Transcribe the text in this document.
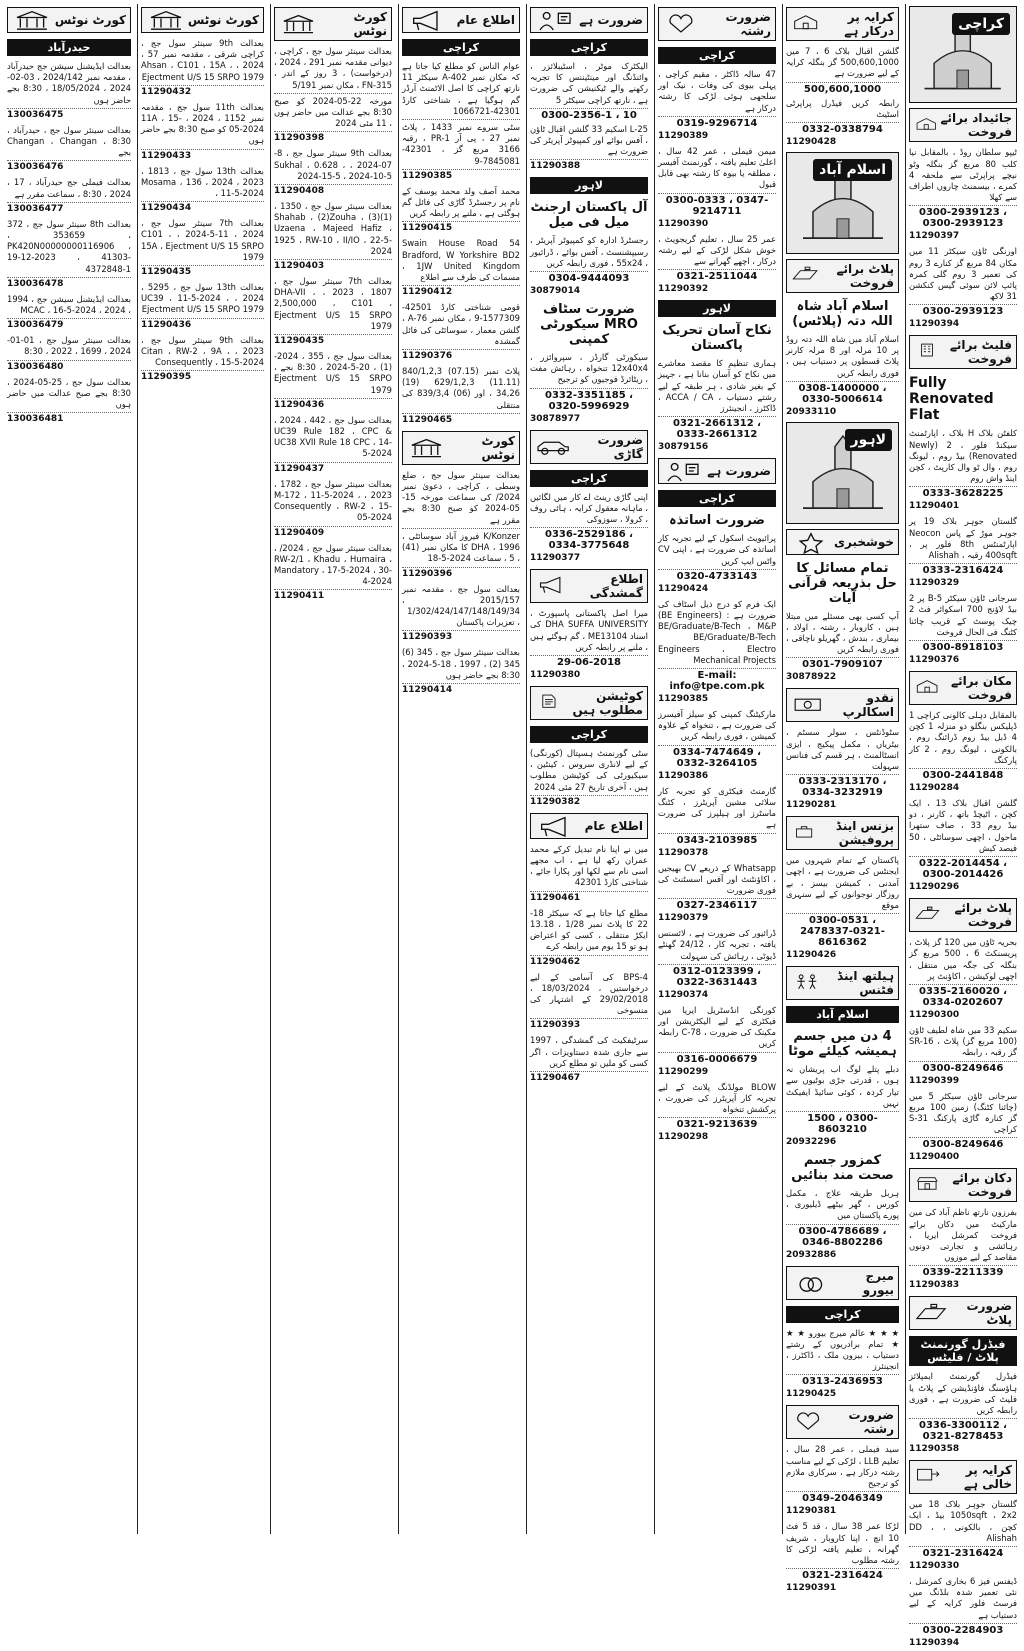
کراچی
جائیداد برائے فروخت
ٹیپو سلطان روڈ ، بالمقابل نیا کلب 80 مربع گز بنگلہ وٹو نیچے پراپرٹی سے ملحقہ 4 کمرے ، بیسمنٹ چاروں اطراف سے کھلا
0300-2939123 ، 0300-2939123
11290397
اورنگی ٹاؤن سیکٹر 11 میں مکان 84 مربع گز کنارے 3 روم کی تعمیر 3 روم گلی کمرہ پائپ لائن سوئی گیس کنکشن 31 لاکھ
0300-2939123
11290394
فلیٹ برائے فروخت
Fully Renovated Flat
کلفٹن بلاک H بلاک ، اپارٹمنٹ سیکنڈ فلور ، 2 (Newly Renovated) بیڈ روم ، لیونگ روم ، وال ٹو وال کارپٹ ، کچن اینڈ واش روم
0333-3628225
11290401
گلستان جوہر بلاک 19 پر جوہر موڑ کے پاس Neocon اپارٹمنٹس 8th فلور پر ، 400sqft رقبہ ، Alishah
0333-2316424
11290329
سرجانی ٹاؤن سیکٹر 5-B پر 2 بیڈ لاؤنج 700 اسکوائر فٹ 2 چیک پوسٹ کے قریب چائنا کٹنگ فی الحال فروخت
0300-8918103
11290376
مکان برائے فروخت
بالمقابل دہلی کالونی کراچی 1 ڈپلیکس بنگلو دو منزلہ 1 کچن 4 ڈبل بیڈ روم ڈرائنگ روم ، بالکونی ، لیونگ روم ، 2 کار پارکنگ
0300-2441848
11290284
گلشن اقبال بلاک 13 ، ایک کچن ، اٹیچڈ باتھ ، کارنر ، دو بیڈ روم 33 ، صاف ستھرا ماحول ، اچھی سوسائٹی ، 50 فیصد کیش
0322-2014454 ، 0300-2014426
11290296
پلاٹ برائے فروخت
بحریہ ٹاؤن میں 120 گز پلاٹ ، پریسنکٹ 6 ، 500 مربع گز بنگلہ کی جگہ میں منتقل ، اچھی لوکیشن ، اکاؤنٹ پر
0335-2160020 ، 0334-0202607
11290300
سکیم 33 میں شاہ لطیف ٹاؤن (100 مربع گز) پلاٹ ، SR-16 گز رقبہ ، رابطہ
0300-8249646
11290399
سرجانی ٹاؤن سیکٹر 5 میں (چائنا کٹنگ) زمین 100 مربع گز کنارہ گاڑی پارکنگ S-31 کراچی
0300-8249646
11290400
دکان برائے فروخت
بفرزون نارتھ ناظم آباد کی مین مارکیٹ میں دکان برائے فروخت کمرشل ایریا ، رہائشی و تجارتی دونوں مقاصد کے لیے موزوں
0339-2211339
11290383
ضرورت پلاٹ
فیڈرل گورنمنٹ پلاٹ / فلیٹس
فیڈرل گورنمنٹ ایمپلائز ہاؤسنگ فاؤنڈیشن کے پلاٹ یا فلیٹ کی ضرورت ہے ، فوری رابطہ کریں
0336-3300112 ، 0321-8278453
11290358
کرایہ پر خالی ہے
گلستان جوہر بلاک 18 میں 1050sqft ، 2x2 بیڈ ، ایک کچن ، بالکونی ، DD ، Alishah
0321-2316424
11290330
ڈیفنس فیز 6 بخاری کمرشل ، نئی تعمیر شدہ بلڈنگ میں فرسٹ فلور کرایہ کے لیے دستیاب ہے
0300-2284903
11290394
کرایہ پر درکار ہے
گلشن اقبال بلاک 6 ، 7 میں 500,600,1000 گز بنگلہ کرایہ کے لیے ضرورت ہے
500,600,1000
رابطہ کریں فیڈرل پراپرٹی اسٹیٹ
0332-0338794
11290428
اسلام آباد
پلاٹ برائے فروخت
اسلام آباد شاہ اللہ دتہ (پلاٹس)
اسلام آباد میں شاہ اللہ دتہ روڈ پر 10 مرلہ اور 8 مرلہ کارنر پلاٹ قسطوں پر دستیاب ہیں ، فوری رابطہ کریں
0308-1400000 ، 0330-5006614
20933110
لاہور
خوشخبری
تمام مسائل کا حل بذریعہ قرآنی آیات
آپ کسی بھی مسئلے میں مبتلا ہیں ، کاروبار ، رشتہ ، اولاد ، بیماری ، بندش ، گھریلو ناچاقی ، فوری رابطہ کریں
0301-7909107
30878922
نقدو اسکالرپ
سٹوڈنٹس ، سولر سسٹم ، بیٹریاں ، مکمل پیکیج ، ایزی انسٹالمنٹ ، ہر قسم کی فنانس سہولت
0333-2313170 ، 0334-3232919
11290281
بزنس اینڈ پروفیشن
پاکستان کے تمام شہروں میں ایجنٹس کی ضرورت ہے ، اچھی آمدنی ، کمیشن بیسز ، بے روزگار نوجوانوں کے لیے سنہری موقع
0300-0531 ، 2478337-0321-8616362
11290426
ہیلتھ اینڈ فٹنس
اسلام آباد
4 دن میں جسم ہمیشہ کیلئے موٹا
دبلے پتلے لوگ اب پریشان نہ ہوں ، قدرتی جڑی بوٹیوں سے تیار کردہ ، کوئی سائیڈ ایفیکٹ نہیں
1500 ، 0300-8603210
20932296
کمزور جسم صحت مند بنائیں
ہربل طریقہ علاج ، مکمل کورس ، گھر بیٹھے ڈیلیوری ، پورے پاکستان میں
0300-4786689 ، 0346-8802286
20932886
میرج بیورو
کراچی
★ ★ ★ عالم میرج بیورو ★ ★ ★ تمام برادریوں کے رشتے دستیاب ، بیرون ملک ، ڈاکٹرز ، انجینئرز
0313-2436953
11290425
ضرورت رشتہ
سید فیملی ، عمر 28 سال ، تعلیم LLB ، لڑکی کے لیے مناسب رشتہ درکار ہے ، سرکاری ملازم کو ترجیح
0349-2046349
11290381
لڑکا عمر 38 سال ، قد 5 فٹ 10 انچ ، اپنا کاروبار ، شریف گھرانہ ، تعلیم یافتہ لڑکی کا رشتہ مطلوب
0321-2316424
11290391
ضرورت رشتہ
کراچی
47 سالہ ڈاکٹر ، مقیم کراچی ، پہلی بیوی کی وفات ، نیک اور سلجھی ہوئی لڑکی کا رشتہ درکار ہے
0319-9296714
11290389
میمن فیملی ، عمر 42 سال ، اعلیٰ تعلیم یافتہ ، گورنمنٹ آفیسر ، مطلقہ یا بیوہ کا رشتہ بھی قابل قبول
0300-0333 ، 0347-9214711
11290390
عمر 25 سال ، تعلیم گریجویٹ ، خوش شکل لڑکی کے لیے رشتہ درکار ، اچھے گھرانے سے
0321-2511044
11290392
لاہور
نکاح آسان تحریک پاکستان
ہماری تنظیم کا مقصد معاشرے میں نکاح کو آسان بنانا ہے ، جہیز کے بغیر شادی ، ہر طبقہ کے لیے رشتے دستیاب ، ACCA / CA ، ڈاکٹرز ، انجینئرز
0321-2661312 ، 0333-2661312
30879156
ضرورت ہے
کراچی
ضرورت اساتذہ
پرائیویٹ اسکول کے لیے تجربہ کار اساتذہ کی ضرورت ہے ، اپنی CV واٹس ایپ کریں
0320-4733143
11290424
ایک فرم کو درج ذیل اسٹاف کی ضرورت ہے : (BE Engineers) BE/Graduate/B-Tech ، M&P BE/Graduate/B-Tech Engineers ، Electro Mechanical Projects
E-mail: info@tpe.com.pk
11290385
مارکیٹنگ کمپنی کو سیلز آفیسرز کی ضرورت ہے ، تنخواہ کے علاوہ کمیشن ، فوری رابطہ کریں
0334-7474649 ، 0332-3264105
11290386
گارمنٹ فیکٹری کو تجربہ کار سلائی مشین آپریٹرز ، کٹنگ ماسٹرز اور ہیلپرز کی ضرورت ہے
0343-2103985
11290378
Whatsapp کے ذریعے CV بھیجیں ، اکاؤنٹنٹ اور آفس اسسٹنٹ کی فوری ضرورت
0327-2346117
11290379
ڈرائیور کی ضرورت ہے ، لائسنس یافتہ ، تجربہ کار ، 24/12 گھنٹے ڈیوٹی ، رہائش کی سہولت
0312-0123399 ، 0322-3631443
11290374
کورنگی انڈسٹریل ایریا میں فیکٹری کے لیے الیکٹریشن اور مکینک کی ضرورت ، C-78 رابطہ کریں
0316-0006679
11290299
BLOW مولڈنگ پلانٹ کے لیے تجربہ کار آپریٹرز کی ضرورت ، پرکشش تنخواہ
0321-9213639
11290298
ضرورت ہے
کراچی
الیکٹرک موٹر ، اسٹیبلائزر ، وائنڈنگ اور مینٹیننس کا تجربہ رکھنے والے ٹیکنیشن کی ضرورت ہے ، نارتھ کراچی سیکٹر 5
0300-2356-1 ، 10
L-25 اسکیم 33 گلشن اقبال ٹاؤن ، آفس بوائے اور کمپیوٹر آپریٹر کی ضرورت ہے
11290388
لاہور
آل پاکستان ارجنٹ میل فی میل
رجسٹرڈ ادارہ کو کمپیوٹر آپریٹر ، رسیپشنسٹ ، آفس بوائے ، ڈرائیور ، 55x24 ، فوری رابطہ کریں
0304-9444093
30879014
ضرورت سٹاف MRO سیکورٹی کمپنی
سیکورٹی گارڈز ، سپروائزر ، 12x40x4 تنخواہ ، رہائش مفت ، ریٹائرڈ فوجیوں کو ترجیح
0332-3351185 ، 0320-5996929
30878977
ضرورت گاڑی
کراچی
اپنی گاڑی رینٹ اے کار میں لگائیں ، ماہانہ معقول کرایہ ، ہائی روف ، کرولا ، سوزوکی
0336-2529186 ، 0334-3775648
11290377
اطلاع گمشدگی
میرا اصل پاکستانی پاسپورٹ ، DHA SUFFA UNIVERSITY کی اسناد ME13104 ، گم ہوگئے ہیں ، ملنے پر رابطہ کریں
29-06-2018
11290380
کوٹیشن مطلوب ہیں
کراچی
سٹی گورنمنٹ ہسپتال (کورنگی) کے لیے لانڈری سروس ، کینٹین ، سیکیورٹی کی کوٹیشن مطلوب ہیں ، آخری تاریخ 27 مئی 2024
11290382
اطلاع عام
میں نے اپنا نام تبدیل کرکے محمد عمران رکھ لیا ہے ، اب مجھے اسی نام سے لکھا اور پکارا جائے ، شناختی کارڈ 42301
11290461
مطلع کیا جاتا ہے کہ سیکٹر 18-22 کا پلاٹ نمبر 1/28 ، 13.18 ایکڑ منتقلی ، کسی کو اعتراض ہو تو 15 یوم میں رابطہ کرے
11290462
BPS-4 کی آسامی کے لیے درخواستیں ، 18/03/2024 ، 29/02/2018 کے اشتہار کی منسوخی
11290393
سرٹیفکیٹ کی گمشدگی ، 1997 سے جاری شدہ دستاویزات ، اگر کسی کو ملیں تو مطلع کریں
11290467
اطلاع عام
کراچی
عوام الناس کو مطلع کیا جاتا ہے کہ مکان نمبر A-402 سیکٹر 11 نارتھ کراچی کا اصل الاٹمنٹ آرڈر گم ہوگیا ہے ، شناختی کارڈ 42301-1066721
سٹی سروے نمبر 1433 ، پلاٹ نمبر 27 ، پی آر PR-1 ، رقبہ 3166 مربع گز ، 42301-7845081-9
11290385
محمد آصف ولد محمد یوسف کے نام پر رجسٹرڈ گاڑی کی فائل گم ہوگئی ہے ، ملنے پر رابطہ کریں
11290415
54 Swain House Road Bradford, W Yorkshire BD2 1JW United Kingdom ، مسمات کی طرف سے اطلاع
11290412
قومی شناختی کارڈ 42501-1577309-9 ، مکان نمبر A-76 ، گلشن معمار ، سوسائٹی کی فائل گمشدہ
11290376
پلاٹ نمبر (07.15) 840/1,2,3 (11.11) 629/1,2,3 (19) 34,26 ، اور (06) 839/3,4 کی منتقلی
11290465
کورٹ نوٹس
بعدالت سینئر سول جج ، ضلع وسطی ، کراچی ، دعویٰ نمبر 2024/ کی سماعت مورخہ 15-05-2024 کو صبح 8:30 بجے مقرر ہے
K/Konzer فیروز آباد سوسائٹی ، DHA ، 1996 کا مکان نمبر (41) ، 5 ، سماعت 2024-5-18
11290396
بعدالت سول جج ، مقدمہ نمبر 2015/157 ، 1/302/424/147/148/149/34 ، تعزیرات پاکستان
11290393
بعدالت سینئر سول جج ، 345 (6) 345 (2) ، 1997 ، 18-5-2024 ، 8:30 بجے حاضر ہوں
11290414
کورٹ نوٹس
بعدالت سینئر سول جج ، کراچی ، دیوانی مقدمہ نمبر 291 ، 2024 ، (درخواست) ، 3 روز کے اندر ، FN-315 ، مکان نمبر 5/191
مورخہ 22-05-2024 کو صبح 8:30 بجے عدالت میں حاضر ہوں ، 11 مئی 2024
11290398
بعدالت 9th سینئر سول جج ، 8-07-2024 ، Sukhal ، 0.628 ، 2024-15-5 ، 2024-10-5
11290408
بعدالت سینئر سول جج ، 1350 ، (1)Shahab ، (2)Zouha ، (3) Uzaena ، Majeed Hafiz ، 1925 ، RW-10 ، II/IO ، 22-5-2024
11290403
بعدالت 7th سینئر سول جج ، 1807 ، 2023 ، DHA-VII ، 2,500,000 ، C101 ، Ejectment U/S 15 SRPO 1979
11290435
بعدالت سول جج ، 355 ، 2024-(1) ، 20-5-2024 ، 8:30 بجے ، Ejectment U/S 15 SRPO 1979
11290436
بعدالت سول جج ، 442 ، 2024 ، UC39 Rule 182 ، CPC & UC38 XVII Rule 18 CPC ، 14-5-2024
11290437
بعدالت سینئر سول جج ، 1782 ، 2023 ، M-172 ، 11-5-2024 ، Consequently ، RW-2 ، 15-05-2024
11290409
بعدالت سینئر سول جج ، 2024/ ، RW-2/1 ، Khadu ، Humaira ، Mandatory ، 17-5-2024 ، 30-4-2024
11290411
کورٹ نوٹس
بعدالت 9th سینئر سول جج ، کراچی شرقی ، مقدمہ نمبر 57 ، 2024 ، Ahsan ، C101 ، 15A ، Ejectment U/S 15 SRPO 1979
11290432
بعدالت 11th سول جج ، مقدمہ نمبر 1152 ، 2024 ، 11A ، 15-05-2024 کو صبح 8:30 بجے حاضر ہوں
11290433
بعدالت 13th سول جج ، 1813 ، 2023 ، Mosama ، 136 ، 2024 ، 11-5-2024
11290434
بعدالت 7th سینئر سول جج ، 2024 ، 11-5-2024 ، C101 ، 15A ، Ejectment U/S 15 SRPO 1979
11290435
بعدالت 13th سول جج ، 5295 ، 2024 ، UC39 ، 11-5-2024 ، Ejectment U/S 15 SRPO 1979
11290436
بعدالت 9th سینئر سول جج ، 2023 ، Citan ، RW-2 ، 9A ، Consequently ، 15-5-2024
11290395
کورٹ نوٹس
حیدرآباد
بعدالت ایڈیشنل سیشن جج حیدرآباد ، مقدمہ نمبر 2024/142 ، 03-02-2024 ، 18/05/2024 ، 8:30 بجے حاضر ہوں
130036475
بعدالت سینئر سول جج ، حیدرآباد ، Changan ، Changan ، 8:30 بجے
130036476
بعدالت فیملی جج حیدرآباد ، 17 ، 2024 ، 8:30 ، سماعت مقرر ہے
130036477
بعدالت 8th سینئر سول جج ، 372 ، 353659 ، PK420N00000000116906 ، 19-12-2023 ، 41303-4372848-1
130036478
بعدالت ایڈیشنل سیشن جج ، 1994 ، 2024 ، MCAC ، 16-5-2024
130036479
بعدالت سینئر سول جج ، 01-01-2024 ، 1699 ، 2022 ، 8:30
130036480
بعدالت سول جج ، 25-05-2024 ، 8:30 بجے صبح عدالت میں حاضر ہوں
130036481
